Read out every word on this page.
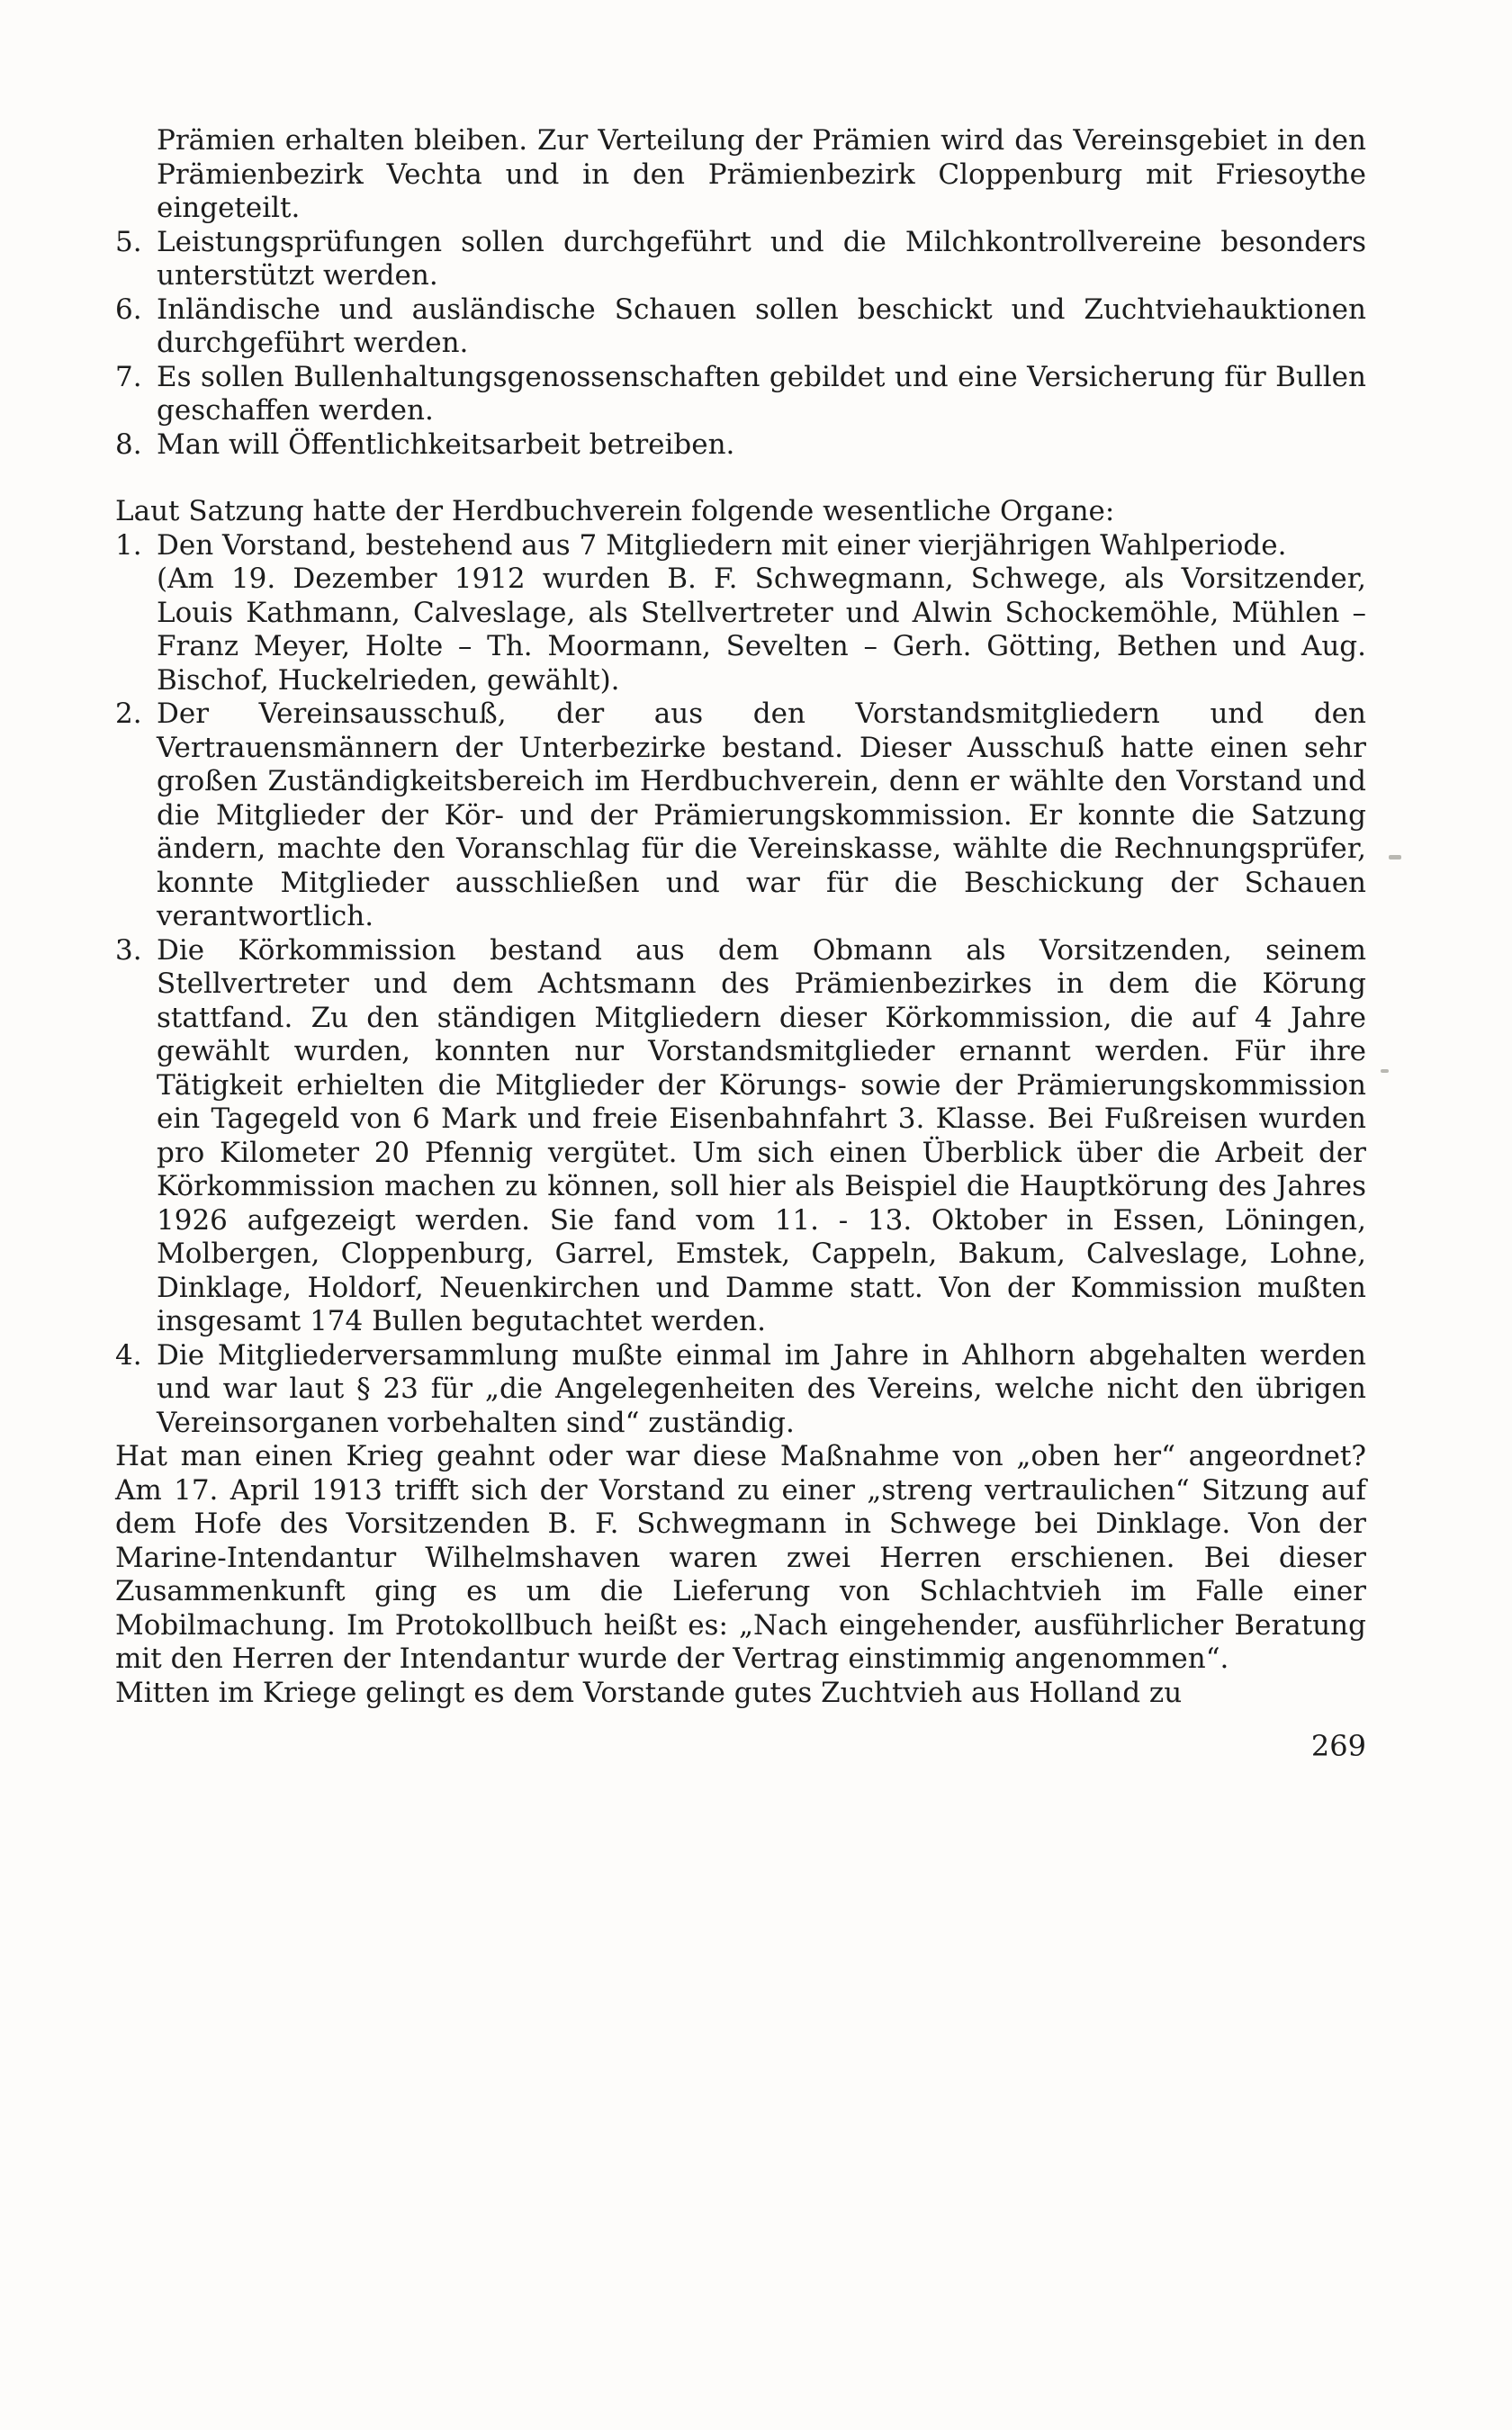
Prämien erhalten bleiben. Zur Verteilung der Prämien wird das Vereinsgebiet in den Prämienbezirk Vechta und in den Prämienbezirk Cloppenburg mit Friesoythe eingeteilt.

5. Leistungsprüfungen sollen durchgeführt und die Milchkontrollvereine besonders unterstützt werden.

6. Inländische und ausländische Schauen sollen beschickt und Zuchtviehauktionen durchgeführt werden.

7. Es sollen Bullenhaltungsgenossenschaften gebildet und eine Versicherung für Bullen geschaffen werden.

8. Man will Öffentlichkeitsarbeit betreiben.

Laut Satzung hatte der Herdbuchverein folgende wesentliche Organe:

1. Den Vorstand, bestehend aus 7 Mitgliedern mit einer vierjährigen Wahlperiode.

(Am 19. Dezember 1912 wurden B. F. Schwegmann, Schwege, als Vorsitzender, Louis Kathmann, Calveslage, als Stellvertreter und Alwin Schockemöhle, Mühlen – Franz Meyer, Holte – Th. Moormann, Sevelten – Gerh. Götting, Bethen und Aug. Bischof, Huckelrieden, gewählt).

2. Der Vereinsausschuß, der aus den Vorstandsmitgliedern und den Vertrauensmännern der Unterbezirke bestand. Dieser Ausschuß hatte einen sehr großen Zuständigkeitsbereich im Herdbuchverein, denn er wählte den Vorstand und die Mitglieder der Kör- und der Prämierungskommission. Er konnte die Satzung ändern, machte den Voranschlag für die Vereinskasse, wählte die Rechnungsprüfer, konnte Mitglieder ausschließen und war für die Beschickung der Schauen verantwortlich.

3. Die Körkommission bestand aus dem Obmann als Vorsitzenden, seinem Stellvertreter und dem Achtsmann des Prämienbezirkes in dem die Körung stattfand. Zu den ständigen Mitgliedern dieser Körkommission, die auf 4 Jahre gewählt wurden, konnten nur Vorstandsmitglieder ernannt werden. Für ihre Tätigkeit erhielten die Mitglieder der Körungs- sowie der Prämierungskommission ein Tagegeld von 6 Mark und freie Eisenbahnfahrt 3. Klasse. Bei Fußreisen wurden pro Kilometer 20 Pfennig vergütet. Um sich einen Überblick über die Arbeit der Körkommission machen zu können, soll hier als Beispiel die Hauptkörung des Jahres 1926 aufgezeigt werden. Sie fand vom 11. - 13. Oktober in Essen, Löningen, Molbergen, Cloppenburg, Garrel, Emstek, Cappeln, Bakum, Calveslage, Lohne, Dinklage, Holdorf, Neuenkirchen und Damme statt. Von der Kommission mußten insgesamt 174 Bullen begutachtet werden.

4. Die Mitgliederversammlung mußte einmal im Jahre in Ahlhorn abgehalten werden und war laut § 23 für „die Angelegenheiten des Vereins, welche nicht den übrigen Vereinsorganen vorbehalten sind“ zuständig.

Hat man einen Krieg geahnt oder war diese Maßnahme von „oben her“ angeordnet? Am 17. April 1913 trifft sich der Vorstand zu einer „streng vertraulichen“ Sitzung auf dem Hofe des Vorsitzenden B. F. Schwegmann in Schwege bei Dinklage. Von der Marine-Intendantur Wilhelmshaven waren zwei Herren erschienen. Bei dieser Zusammenkunft ging es um die Lieferung von Schlachtvieh im Falle einer Mobilmachung. Im Protokollbuch heißt es: „Nach eingehender, ausführlicher Beratung mit den Herren der Intendantur wurde der Vertrag einstimmig angenommen“.

Mitten im Kriege gelingt es dem Vorstande gutes Zuchtvieh aus Holland zu

269
